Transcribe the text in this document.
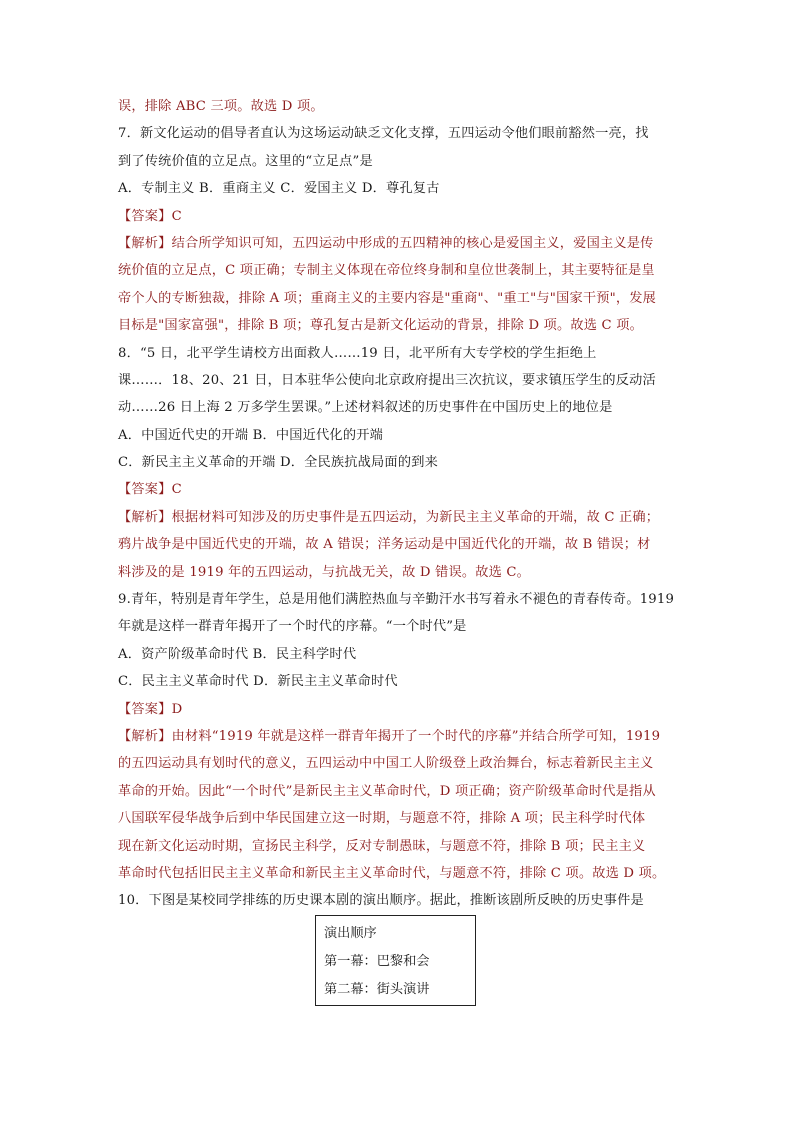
误，排除 ABC 三项。故选 D 项。
7．新文化运动的倡导者直认为这场运动缺乏文化支撑，五四运动令他们眼前豁然一亮，找
到了传统价值的立足点。这里的“立足点”是
A．专制主义 B．重商主义 C．爱国主义 D．尊孔复古
【答案】C
【解析】结合所学知识可知，五四运动中形成的五四精神的核心是爱国主义，爱国主义是传
统价值的立足点，C 项正确；专制主义体现在帝位终身制和皇位世袭制上，其主要特征是皇
帝个人的专断独裁，排除 A 项；重商主义的主要内容是"重商"、"重工"与"国家干预"，发展
目标是"国家富强"，排除 B 项；尊孔复古是新文化运动的背景，排除 D 项。故选 C 项。
8．“5 日，北平学生请校方出面救人……19 日，北平所有大专学校的学生拒绝上
课……．18、20、21 日，日本驻华公使向北京政府提出三次抗议，要求镇压学生的反动活
动……26 日上海 2 万多学生罢课。”上述材料叙述的历史事件在中国历史上的地位是
A．中国近代史的开端 B．中国近代化的开端
C．新民主主义革命的开端 D．全民族抗战局面的到来
【答案】C
【解析】根据材料可知涉及的历史事件是五四运动，为新民主主义革命的开端，故 C 正确；
鸦片战争是中国近代史的开端，故 A 错误；洋务运动是中国近代化的开端，故 B 错误；材
料涉及的是 1919 年的五四运动，与抗战无关，故 D 错误。故选 C。
9.青年，特别是青年学生，总是用他们满腔热血与辛勤汗水书写着永不褪色的青春传奇。1919
年就是这样一群青年揭开了一个时代的序幕。“一个时代”是
A．资产阶级革命时代 B．民主科学时代
C．民主主义革命时代 D．新民主主义革命时代
【答案】D
【解析】由材料“1919 年就是这样一群青年揭开了一个时代的序幕”并结合所学可知，1919
的五四运动具有划时代的意义，五四运动中中国工人阶级登上政治舞台，标志着新民主主义
革命的开始。因此“一个时代”是新民主主义革命时代，D 项正确；资产阶级革命时代是指从
八国联军侵华战争后到中华民国建立这一时期，与题意不符，排除 A 项；民主科学时代体
现在新文化运动时期，宣扬民主科学，反对专制愚昧，与题意不符，排除 B 项；民主主义
革命时代包括旧民主主义革命和新民主主义革命时代，与题意不符，排除 C 项。故选 D 项。
10．下图是某校同学排练的历史课本剧的演出顺序。据此，推断该剧所反映的历史事件是
演出顺序
第一幕：巴黎和会
第二幕：街头演讲
